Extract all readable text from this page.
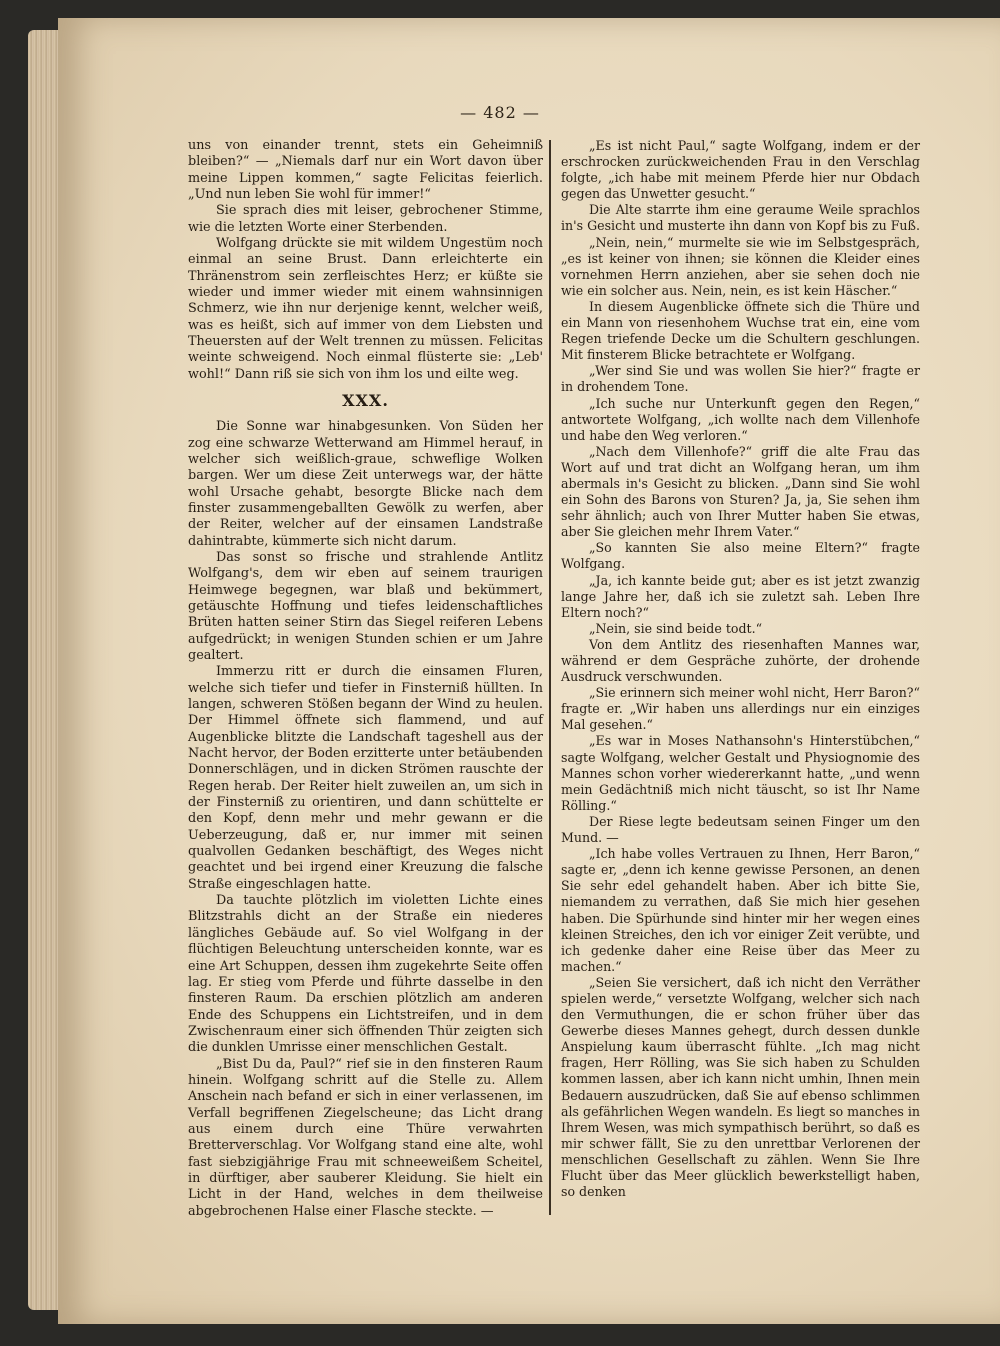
— 482 —

uns von einander trennt, stets ein Geheimniß bleiben?“ — „Niemals darf nur ein Wort davon über meine Lippen kommen,“ sagte Felicitas feierlich. „Und nun leben Sie wohl für immer!“

Sie sprach dies mit leiser, gebrochener Stimme, wie die letzten Worte einer Sterbenden.

Wolfgang drückte sie mit wildem Ungestüm noch einmal an seine Brust. Dann erleichterte ein Thränenstrom sein zerfleischtes Herz; er küßte sie wieder und immer wieder mit einem wahnsinnigen Schmerz, wie ihn nur derjenige kennt, welcher weiß, was es heißt, sich auf immer von dem Liebsten und Theuersten auf der Welt trennen zu müssen. Felicitas weinte schweigend. Noch einmal flüsterte sie: „Leb' wohl!“ Dann riß sie sich von ihm los und eilte weg.

XXX.

Die Sonne war hinabgesunken. Von Süden her zog eine schwarze Wetterwand am Himmel herauf, in welcher sich weißlich-graue, schweflige Wolken bargen. Wer um diese Zeit unterwegs war, der hätte wohl Ursache gehabt, besorgte Blicke nach dem finster zusammengeballten Gewölk zu werfen, aber der Reiter, welcher auf der einsamen Landstraße dahintrabte, kümmerte sich nicht darum.

Das sonst so frische und strahlende Antlitz Wolfgang's, dem wir eben auf seinem traurigen Heimwege begegnen, war blaß und bekümmert, getäuschte Hoffnung und tiefes leidenschaftliches Brüten hatten seiner Stirn das Siegel reiferen Lebens aufgedrückt; in wenigen Stunden schien er um Jahre gealtert.

Immerzu ritt er durch die einsamen Fluren, welche sich tiefer und tiefer in Finsterniß hüllten. In langen, schweren Stößen begann der Wind zu heulen. Der Himmel öffnete sich flammend, und auf Augenblicke blitzte die Landschaft tageshell aus der Nacht hervor, der Boden erzitterte unter betäubenden Donnerschlägen, und in dicken Strömen rauschte der Regen herab. Der Reiter hielt zuweilen an, um sich in der Finsterniß zu orientiren, und dann schüttelte er den Kopf, denn mehr und mehr gewann er die Ueberzeugung, daß er, nur immer mit seinen qualvollen Gedanken beschäftigt, des Weges nicht geachtet und bei irgend einer Kreuzung die falsche Straße eingeschlagen hatte.

Da tauchte plötzlich im violetten Lichte eines Blitzstrahls dicht an der Straße ein niederes längliches Gebäude auf. So viel Wolfgang in der flüchtigen Beleuchtung unterscheiden konnte, war es eine Art Schuppen, dessen ihm zugekehrte Seite offen lag. Er stieg vom Pferde und führte dasselbe in den finsteren Raum. Da erschien plötzlich am anderen Ende des Schuppens ein Lichtstreifen, und in dem Zwischenraum einer sich öffnenden Thür zeigten sich die dunklen Umrisse einer menschlichen Gestalt.

„Bist Du da, Paul?“ rief sie in den finsteren Raum hinein. Wolfgang schritt auf die Stelle zu. Allem Anschein nach befand er sich in einer verlassenen, im Verfall begriffenen Ziegelscheune; das Licht drang aus einem durch eine Thüre verwahrten Bretterverschlag. Vor Wolfgang stand eine alte, wohl fast siebzigjährige Frau mit schneeweißem Scheitel, in dürftiger, aber sauberer Kleidung. Sie hielt ein Licht in der Hand, welches in dem theilweise abgebrochenen Halse einer Flasche steckte. —

„Es ist nicht Paul,“ sagte Wolfgang, indem er der erschrocken zurückweichenden Frau in den Verschlag folgte, „ich habe mit meinem Pferde hier nur Obdach gegen das Unwetter gesucht.“

Die Alte starrte ihm eine geraume Weile sprachlos in's Gesicht und musterte ihn dann von Kopf bis zu Fuß.

„Nein, nein,“ murmelte sie wie im Selbstgespräch, „es ist keiner von ihnen; sie können die Kleider eines vornehmen Herrn anziehen, aber sie sehen doch nie wie ein solcher aus. Nein, nein, es ist kein Häscher.“

In diesem Augenblicke öffnete sich die Thüre und ein Mann von riesenhohem Wuchse trat ein, eine vom Regen triefende Decke um die Schultern geschlungen. Mit finsterem Blicke betrachtete er Wolfgang.

„Wer sind Sie und was wollen Sie hier?“ fragte er in drohendem Tone.

„Ich suche nur Unterkunft gegen den Regen,“ antwortete Wolfgang, „ich wollte nach dem Villenhofe und habe den Weg verloren.“

„Nach dem Villenhofe?“ griff die alte Frau das Wort auf und trat dicht an Wolfgang heran, um ihm abermals in's Gesicht zu blicken. „Dann sind Sie wohl ein Sohn des Barons von Sturen? Ja, ja, Sie sehen ihm sehr ähnlich; auch von Ihrer Mutter haben Sie etwas, aber Sie gleichen mehr Ihrem Vater.“

„So kannten Sie also meine Eltern?“ fragte Wolfgang.

„Ja, ich kannte beide gut; aber es ist jetzt zwanzig lange Jahre her, daß ich sie zuletzt sah. Leben Ihre Eltern noch?“

„Nein, sie sind beide todt.“

Von dem Antlitz des riesenhaften Mannes war, während er dem Gespräche zuhörte, der drohende Ausdruck verschwunden.

„Sie erinnern sich meiner wohl nicht, Herr Baron?“ fragte er. „Wir haben uns allerdings nur ein einziges Mal gesehen.“

„Es war in Moses Nathansohn's Hinterstübchen,“ sagte Wolfgang, welcher Gestalt und Physiognomie des Mannes schon vorher wiedererkannt hatte, „und wenn mein Gedächtniß mich nicht täuscht, so ist Ihr Name Rölling.“

Der Riese legte bedeutsam seinen Finger um den Mund. —

„Ich habe volles Vertrauen zu Ihnen, Herr Baron,“ sagte er, „denn ich kenne gewisse Personen, an denen Sie sehr edel gehandelt haben. Aber ich bitte Sie, niemandem zu verrathen, daß Sie mich hier gesehen haben. Die Spürhunde sind hinter mir her wegen eines kleinen Streiches, den ich vor einiger Zeit verübte, und ich gedenke daher eine Reise über das Meer zu machen.“

„Seien Sie versichert, daß ich nicht den Verräther spielen werde,“ versetzte Wolfgang, welcher sich nach den Vermuthungen, die er schon früher über das Gewerbe dieses Mannes gehegt, durch dessen dunkle Anspielung kaum überrascht fühlte. „Ich mag nicht fragen, Herr Rölling, was Sie sich haben zu Schulden kommen lassen, aber ich kann nicht umhin, Ihnen mein Bedauern auszudrücken, daß Sie auf ebenso schlimmen als gefährlichen Wegen wandeln. Es liegt so manches in Ihrem Wesen, was mich sympathisch berührt, so daß es mir schwer fällt, Sie zu den unrettbar Verlorenen der menschlichen Gesellschaft zu zählen. Wenn Sie Ihre Flucht über das Meer glücklich bewerkstelligt haben, so denken
